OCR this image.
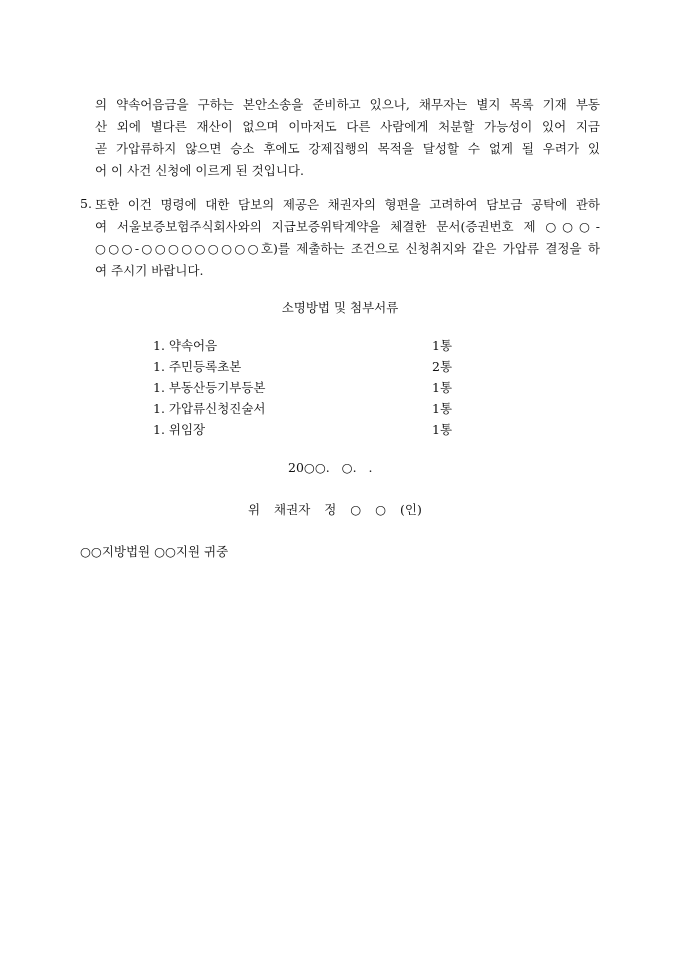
의 약속어음금을 구하는 본안소송을 준비하고 있으나, 채무자는 별지 목록 기재 부동
산 외에 별다른 재산이 없으며 이마저도 다른 사람에게 처분할 가능성이 있어 지금
곧 가압류하지 않으면 승소 후에도 강제집행의 목적을 달성할 수 없게 될 우려가 있
어 이 사건 신청에 이르게 된 것입니다.
5. 또한 이건 명령에 대한 담보의 제공은 채권자의 형편을 고려하여 담보금 공탁에 관하
여 서울보증보험주식회사와의 지급보증위탁계약을 체결한 문서(증권번호 제 ○○○-
○○○-○○○○○○○○○호)를 제출하는 조건으로 신청취지와 같은 가압류 결정을 하
여 주시기 바랍니다.
소명방법 및 첨부서류
1. 약속어음	1통
1. 주민등록초본	2통
1. 부동산등기부등본	1통
1. 가압류신청진술서	1통
1. 위임장	1통
20○○. ○. .
위 채권자 정 ○ ○ (인)
○○지방법원 ○○지원 귀중
